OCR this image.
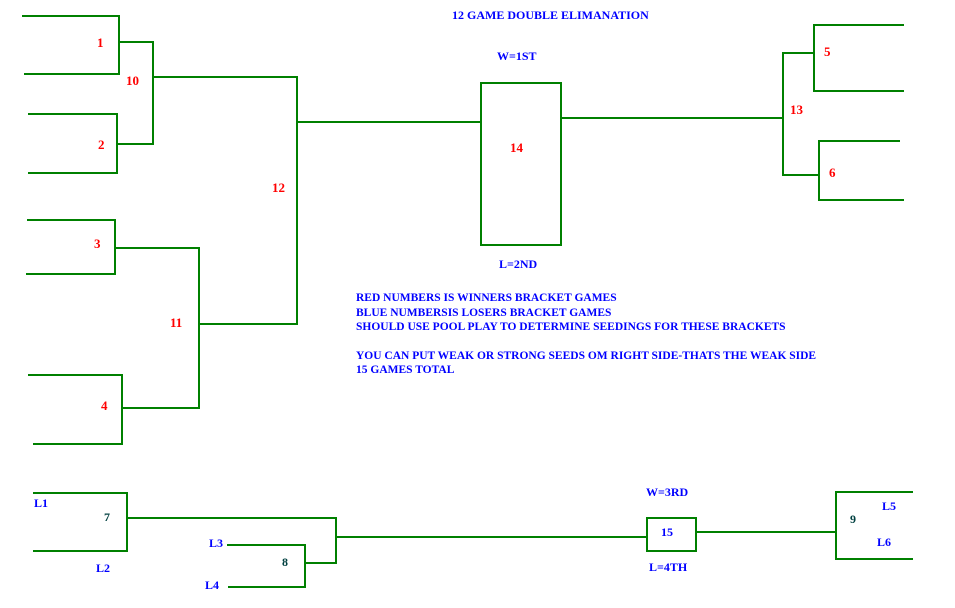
12 GAME DOUBLE ELIMANATION
W=1ST
L=2ND
1
2
10
3
4
11
12
14
13
5
6
RED NUMBERS IS WINNERS BRACKET GAMES
BLUE NUMBERSIS LOSERS BRACKET GAMES
SHOULD USE POOL PLAY TO DETERMINE SEEDINGS FOR THESE BRACKETS
YOU CAN PUT WEAK OR STRONG SEEDS OM RIGHT SIDE-THATS THE WEAK SIDE
15 GAMES TOTAL
L1
7
L2
L3
L4
8
W=3RD
15
L=4TH
9
L5
L6
